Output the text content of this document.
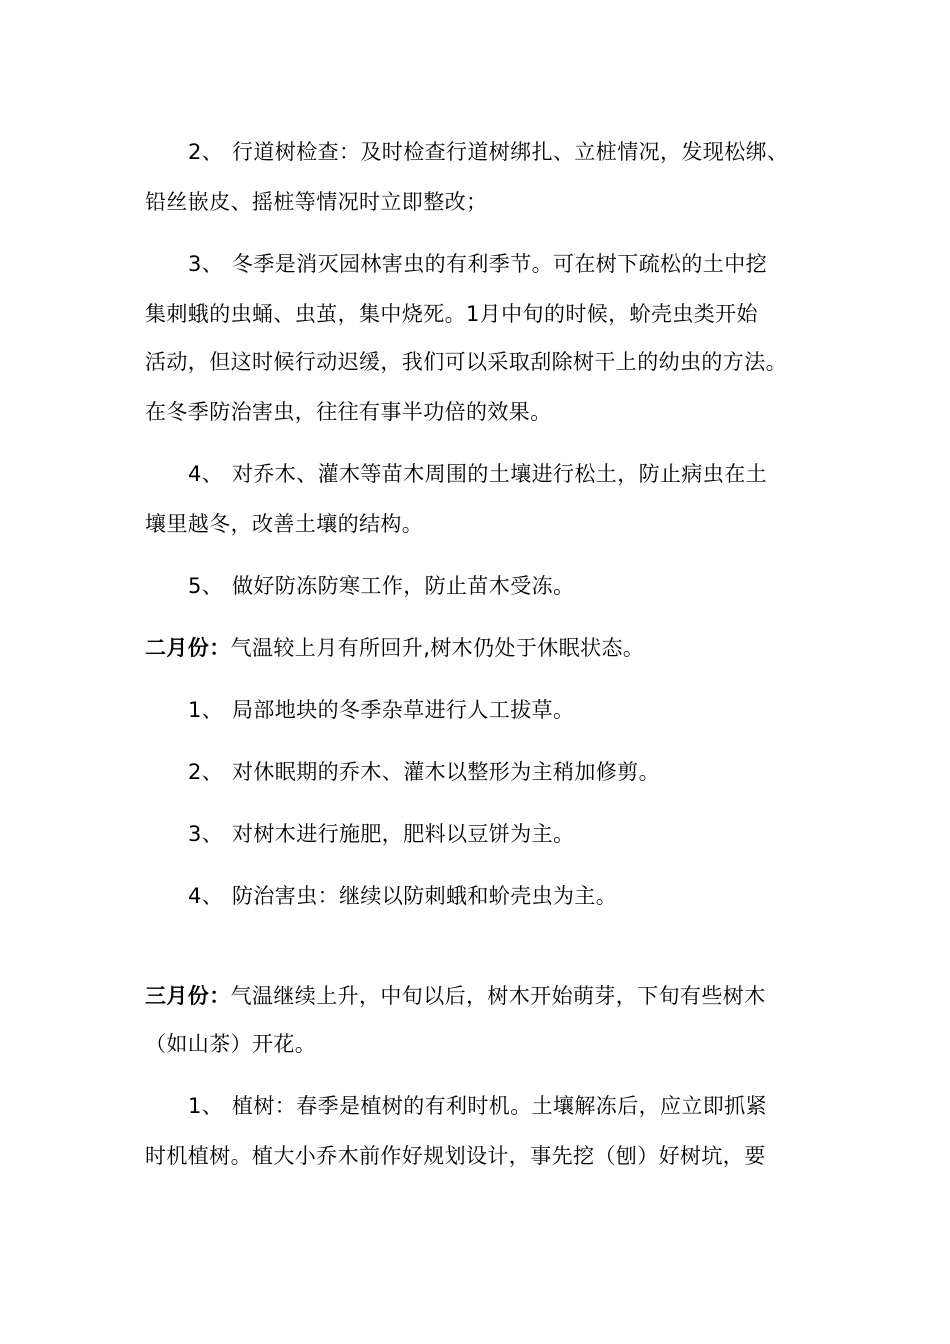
2、 行道树检查：及时检查行道树绑扎、立桩情况，发现松绑、
铅丝嵌皮、摇桩等情况时立即整改；
3、 冬季是消灭园林害虫的有利季节。可在树下疏松的土中挖
集刺蛾的虫蛹、虫茧，集中烧死。1月中旬的时候，蚧壳虫类开始
活动，但这时候行动迟缓，我们可以采取刮除树干上的幼虫的方法。
在冬季防治害虫，往往有事半功倍的效果。
4、 对乔木、灌木等苗木周围的土壤进行松土，防止病虫在土
壤里越冬，改善土壤的结构。
5、 做好防冻防寒工作，防止苗木受冻。
二月份：气温较上月有所回升,树木仍处于休眠状态。
1、 局部地块的冬季杂草进行人工拔草。
2、 对休眠期的乔木、灌木以整形为主稍加修剪。
3、 对树木进行施肥，肥料以豆饼为主。
4、 防治害虫：继续以防刺蛾和蚧壳虫为主。
三月份：气温继续上升，中旬以后，树木开始萌芽，下旬有些树木
（如山茶）开花。
1、 植树：春季是植树的有利时机。土壤解冻后，应立即抓紧
时机植树。植大小乔木前作好规划设计，事先挖（刨）好树坑，要
